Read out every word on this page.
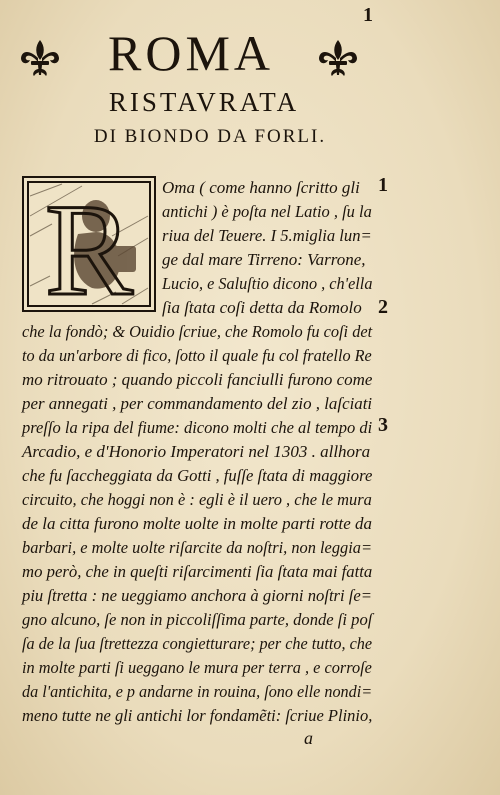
1
ROMA
RISTAVRATA
DI BIONDO DA FORLI.
R Oma ( come hanno ſcritto gli
antichi ) è poſta nel Latio , ſu la
riua del Teuere. I 5.miglia lun=
ge dal mare Tirreno: Varrone,
Lucio, e Saluſtio dicono , ch'ella
ſia ſtata coſi detta da Romolo
che la fondò; & Ouidio ſcriue, che Romolo fu coſi det
to da un'arbore di fico, ſotto il quale fu col fratello Re
mo ritrouato ; quando piccoli fanciulli furono come
per annegati , per commandamento del zio , laſciati
preſſo la ripa del fiume: dicono molti che al tempo di
Arcadio, e d'Honorio Imperatori nel 1303 . allhora
che fu ſaccheggiata da Gotti , fuſſe ſtata di maggiore
circuito, che hoggi non è : egli è il uero , che le mura
de la citta furono molte uolte in molte parti rotte da
barbari, e molte uolte riſarcite da noſtri, non leggia=
mo però, che in queſti riſarcimenti ſia ſtata mai fatta
piu ſtretta : ne ueggiamo anchora à giorni noſtri ſe=
gno alcuno, ſe non in piccoliſſima parte, donde ſi poſ
ſa de la ſua ſtrettezza congietturare; per che tutto, che
in molte parti ſi ueggano le mura per terra , e corroſe
da l'antichita, e p andarne in rouina, ſono elle nondi=
meno tutte ne gli antichi lor fondamẽti: ſcriue Plinio,
1
2
3
a
